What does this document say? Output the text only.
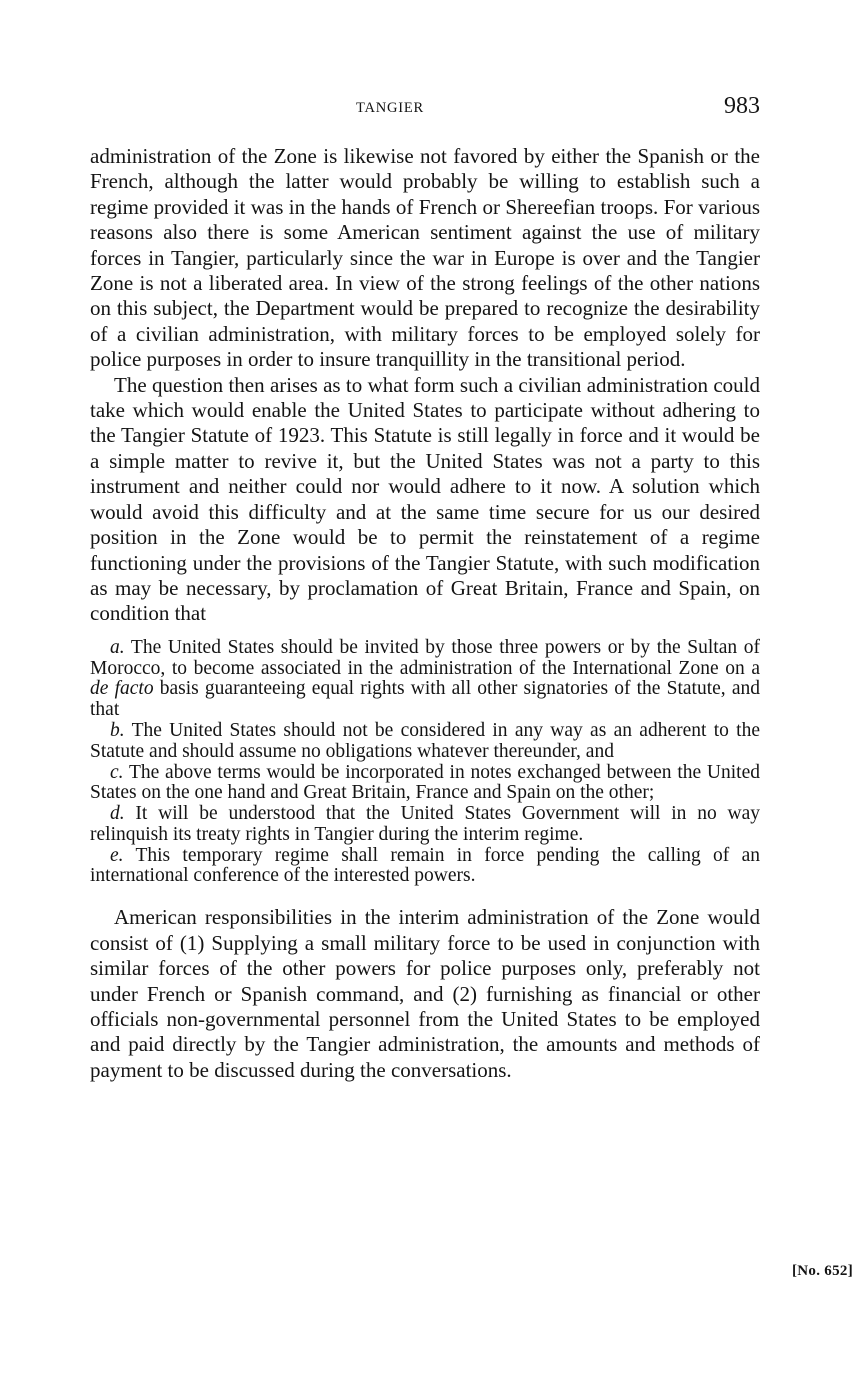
TANGIER	983

administration of the Zone is likewise not favored by either the Spanish or the French, although the latter would probably be willing to establish such a regime provided it was in the hands of French or Shereefian troops. For various reasons also there is some American sentiment against the use of military forces in Tangier, particularly since the war in Europe is over and the Tangier Zone is not a liberated area. In view of the strong feelings of the other nations on this subject, the Department would be prepared to recognize the desirability of a civilian administration, with military forces to be employed solely for police purposes in order to insure tranquillity in the transitional period.

The question then arises as to what form such a civilian administration could take which would enable the United States to participate without adhering to the Tangier Statute of 1923. This Statute is still legally in force and it would be a simple matter to revive it, but the United States was not a party to this instrument and neither could nor would adhere to it now. A solution which would avoid this difficulty and at the same time secure for us our desired position in the Zone would be to permit the reinstatement of a regime functioning under the provisions of the Tangier Statute, with such modification as may be necessary, by proclamation of Great Britain, France and Spain, on condition that

a. The United States should be invited by those three powers or by the Sultan of Morocco, to become associated in the administration of the International Zone on a de facto basis guaranteeing equal rights with all other signatories of the Statute, and that

b. The United States should not be considered in any way as an adherent to the Statute and should assume no obligations whatever thereunder, and

c. The above terms would be incorporated in notes exchanged between the United States on the one hand and Great Britain, France and Spain on the other;

d. It will be understood that the United States Government will in no way relinquish its treaty rights in Tangier during the interim regime.

e. This temporary regime shall remain in force pending the calling of an international conference of the interested powers.

American responsibilities in the interim administration of the Zone would consist of (1) Supplying a small military force to be used in conjunction with similar forces of the other powers for police purposes only, preferably not under French or Spanish command, and (2) furnishing as financial or other officials non-governmental personnel from the United States to be employed and paid directly by the Tangier administration, the amounts and methods of payment to be discussed during the conversations.

[No. 652]
